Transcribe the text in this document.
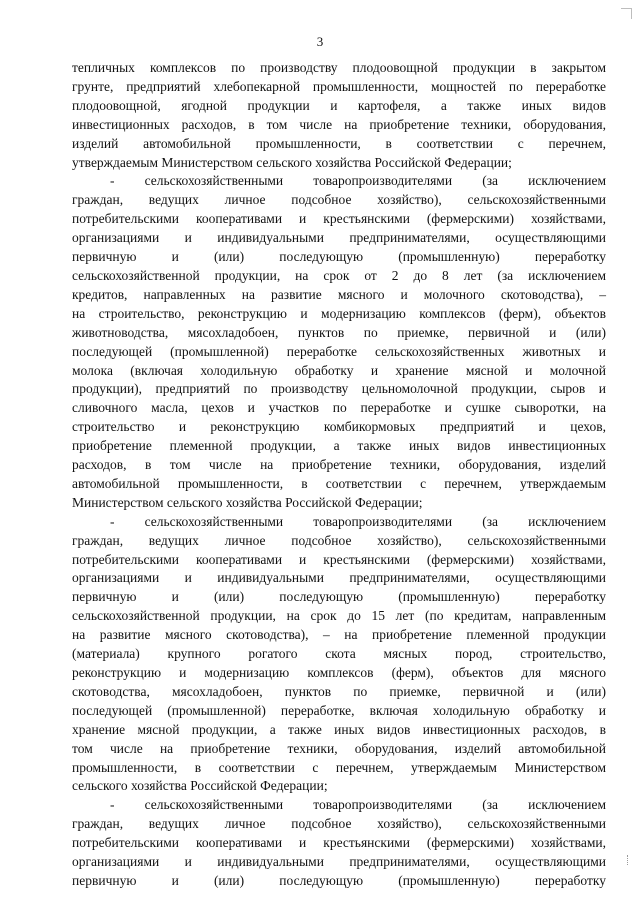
3
тепличных комплексов по производству плодоовощной продукции в закрытом
грунте, предприятий хлебопекарной промышленности, мощностей по переработке
плодоовощной, ягодной продукции и картофеля, а также иных видов
инвестиционных расходов, в том числе на приобретение техники, оборудования,
изделий автомобильной промышленности, в соответствии с перечнем,
утверждаемым Министерством сельского хозяйства Российской Федерации;
- сельскохозяйственными товаропроизводителями (за исключением
граждан, ведущих личное подсобное хозяйство), сельскохозяйственными
потребительскими кооперативами и крестьянскими (фермерскими) хозяйствами,
организациями и индивидуальными предпринимателями, осуществляющими
первичную и (или) последующую (промышленную) переработку
сельскохозяйственной продукции, на срок от 2 до 8 лет (за исключением
кредитов, направленных на развитие мясного и молочного скотоводства), –
на строительство, реконструкцию и модернизацию комплексов (ферм), объектов
животноводства, мясохладобоен, пунктов по приемке, первичной и (или)
последующей (промышленной) переработке сельскохозяйственных животных и
молока (включая холодильную обработку и хранение мясной и молочной
продукции), предприятий по производству цельномолочной продукции, сыров и
сливочного масла, цехов и участков по переработке и сушке сыворотки, на
строительство и реконструкцию комбикормовых предприятий и цехов,
приобретение племенной продукции, а также иных видов инвестиционных
расходов, в том числе на приобретение техники, оборудования, изделий
автомобильной промышленности, в соответствии с перечнем, утверждаемым
Министерством сельского хозяйства Российской Федерации;
- сельскохозяйственными товаропроизводителями (за исключением
граждан, ведущих личное подсобное хозяйство), сельскохозяйственными
потребительскими кооперативами и крестьянскими (фермерскими) хозяйствами,
организациями и индивидуальными предпринимателями, осуществляющими
первичную и (или) последующую (промышленную) переработку
сельскохозяйственной продукции, на срок до 15 лет (по кредитам, направленным
на развитие мясного скотоводства), – на приобретение племенной продукции
(материала) крупного рогатого скота мясных пород, строительство,
реконструкцию и модернизацию комплексов (ферм), объектов для мясного
скотоводства, мясохладобоен, пунктов по приемке, первичной и (или)
последующей (промышленной) переработке, включая холодильную обработку и
хранение мясной продукции, а также иных видов инвестиционных расходов, в
том числе на приобретение техники, оборудования, изделий автомобильной
промышленности, в соответствии с перечнем, утверждаемым Министерством
сельского хозяйства Российской Федерации;
- сельскохозяйственными товаропроизводителями (за исключением
граждан, ведущих личное подсобное хозяйство), сельскохозяйственными
потребительскими кооперативами и крестьянскими (фермерскими) хозяйствами,
организациями и индивидуальными предпринимателями, осуществляющими
первичную и (или) последующую (промышленную) переработку
